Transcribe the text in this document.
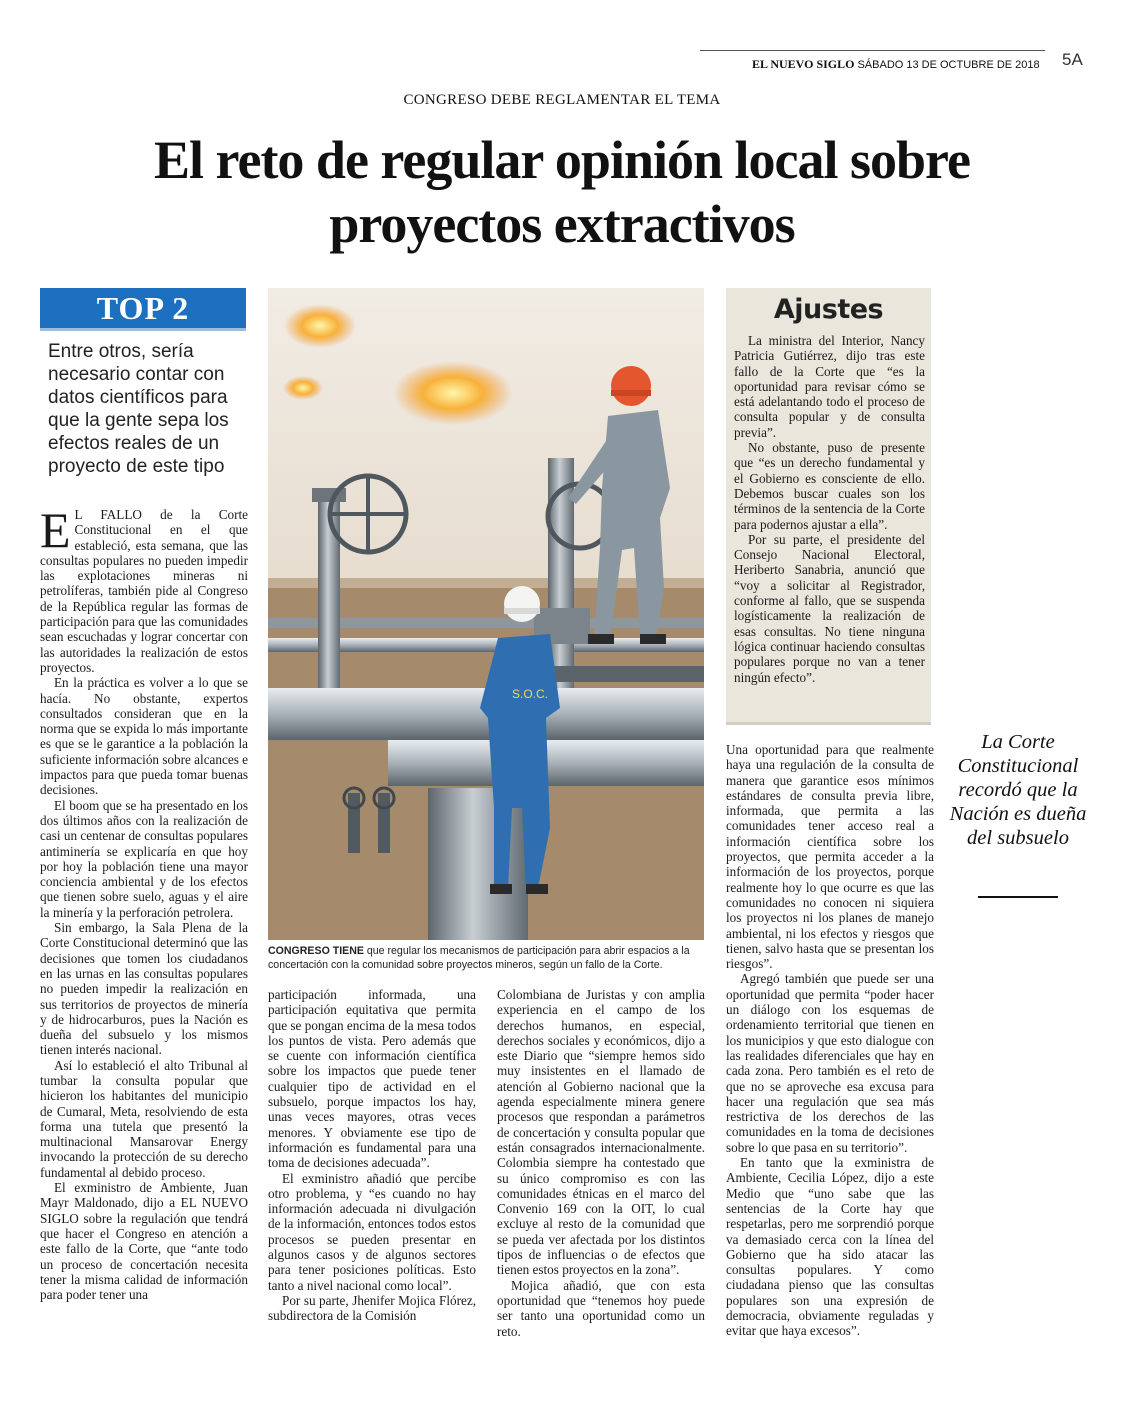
EL NUEVO SIGLO SÁBADO 13 DE OCTUBRE DE 2018 5A
CONGRESO DEBE REGLAMENTAR EL TEMA
El reto de regular opinión local sobre proyectos extractivos
TOP 2
Entre otros, sería necesario contar con datos científicos para que la gente sepa los efectos reales de un proyecto de este tipo

E L FALLO de la Corte Constitucional en el que estableció, esta semana, que las consultas populares no pueden impedir las explotaciones mineras ni petrolíferas, también pide al Congreso de la República regular las formas de participación para que las comunidades sean escuchadas y lograr concertar con las autoridades la realización de estos proyectos.

En la práctica es volver a lo que se hacía. No obstante, expertos consultados consideran que en la norma que se expida lo más importante es que se le garantice a la población la suficiente información sobre alcances e impactos para que pueda tomar buenas decisiones.

El boom que se ha presentado en los dos últimos años con la realización de casi un centenar de consultas populares antiminería se explicaría en que hoy por hoy la población tiene una mayor conciencia ambiental y de los efectos que tienen sobre suelo, aguas y el aire la minería y la perforación petrolera.

Sin embargo, la Sala Plena de la Corte Constitucional determinó que las decisiones que tomen los ciudadanos en las urnas en las consultas populares no pueden impedir la realización en sus territorios de proyectos de minería y de hidrocarburos, pues la Nación es dueña del subsuelo y los mismos tienen interés nacional.

Así lo estableció el alto Tribunal al tumbar la consulta popular que hicieron los habitantes del municipio de Cumaral, Meta, resolviendo de esta forma una tutela que presentó la multinacional Mansarovar Energy invocando la protección de su derecho fundamental al debido proceso.

El exministro de Ambiente, Juan Mayr Maldonado, dijo a EL NUEVO SIGLO sobre la regulación que tendrá que hacer el Congreso en atención a este fallo de la Corte, que “ante todo un proceso de concertación necesita tener la misma calidad de información para poder tener una

S.O.C.
CONGRESO TIENE que regular los mecanismos de participación para abrir espacios a la concertación con la comunidad sobre proyectos mineros, según un fallo de la Corte.

participación informada, una participación equitativa que permita que se pongan encima de la mesa todos los puntos de vista. Pero además que se cuente con información científica sobre los impactos que puede tener cualquier tipo de actividad en el subsuelo, porque impactos los hay, unas veces mayores, otras veces menores. Y obviamente ese tipo de información es fundamental para una toma de decisiones adecuada”.

El exministro añadió que percibe otro problema, y “es cuando no hay información adecuada ni divulgación de la información, entonces todos estos procesos se pueden presentar en algunos casos y de algunos sectores para tener posiciones políticas. Esto tanto a nivel nacional como local”.

Por su parte, Jhenifer Mojica Flórez, subdirectora de la Comisión

Colombiana de Juristas y con amplia experiencia en el campo de los derechos humanos, en especial, derechos sociales y económicos, dijo a este Diario que “siempre hemos sido muy insistentes en el llamado de atención al Gobierno nacional que la agenda especialmente minera genere procesos que respondan a parámetros de concertación y consulta popular que están consagrados internacionalmente. Colombia siempre ha contestado que su único compromiso es con las comunidades étnicas en el marco del Convenio 169 con la OIT, lo cual excluye al resto de la comunidad que se pueda ver afectada por los distintos tipos de influencias o de efectos que tienen estos proyectos en la zona”.

Mojica añadió, que con esta oportunidad que “tenemos hoy puede ser tanto una oportunidad como un reto.

Ajustes

La ministra del Interior, Nancy Patricia Gutiérrez, dijo tras este fallo de la Corte que “es la oportunidad para revisar cómo se está adelantando todo el proceso de consulta popular y de consulta previa”.

No obstante, puso de presente que “es un derecho fundamental y el Gobierno es consciente de ello. Debemos buscar cuales son los términos de la sentencia de la Corte para podernos ajustar a ella”.

Por su parte, el presidente del Consejo Nacional Electoral, Heriberto Sanabria, anunció que “voy a solicitar al Registrador, conforme al fallo, que se suspenda logísticamente la realización de esas consultas. No tiene ninguna lógica continuar haciendo consultas populares porque no van a tener ningún efecto”.

Una oportunidad para que realmente haya una regulación de la consulta de manera que garantice esos mínimos estándares de consulta previa libre, informada, que permita a las comunidades tener acceso real a información científica sobre los proyectos, que permita acceder a la información de los proyectos, porque realmente hoy lo que ocurre es que las comunidades no conocen ni siquiera los proyectos ni los planes de manejo ambiental, ni los efectos y riesgos que tienen, salvo hasta que se presentan los riesgos”.

Agregó también que puede ser una oportunidad que permita “poder hacer un diálogo con los esquemas de ordenamiento territorial que tienen en los municipios y que esto dialogue con las realidades diferenciales que hay en cada zona. Pero también es el reto de que no se aproveche esa excusa para hacer una regulación que sea más restrictiva de los derechos de las comunidades en la toma de decisiones sobre lo que pasa en su territorio”.

En tanto que la exministra de Ambiente, Cecilia López, dijo a este Medio que “uno sabe que las sentencias de la Corte hay que respetarlas, pero me sorprendió porque va demasiado cerca con la línea del Gobierno que ha sido atacar las consultas populares. Y como ciudadana pienso que las consultas populares son una expresión de democracia, obviamente reguladas y evitar que haya excesos”.

La Corte Constitucional recordó que la Nación es dueña del subsuelo
